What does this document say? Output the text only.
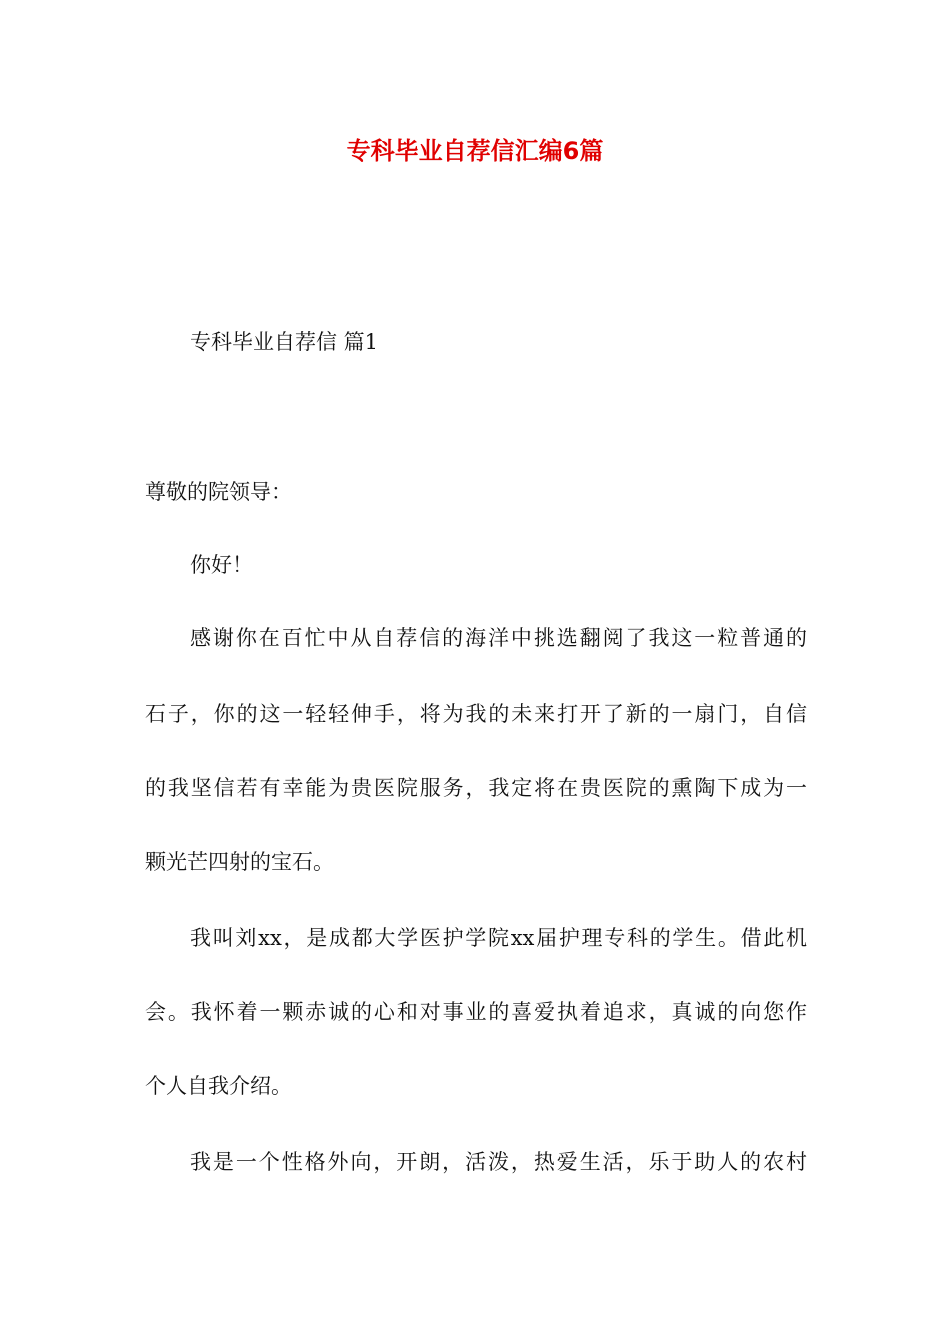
专科毕业自荐信汇编6篇

专科毕业自荐信 篇1

尊敬的院领导：

你好！

感谢你在百忙中从自荐信的海洋中挑选翻阅了我这一粒普通的

石子，你的这一轻轻伸手，将为我的未来打开了新的一扇门，自信

的我坚信若有幸能为贵医院服务，我定将在贵医院的熏陶下成为一

颗光芒四射的宝石。

我叫刘xx，是成都大学医护学院xx届护理专科的学生。借此机

会。我怀着一颗赤诚的心和对事业的喜爱执着追求，真诚的向您作

个人自我介绍。

我是一个性格外向，开朗，活泼，热爱生活，乐于助人的农村
